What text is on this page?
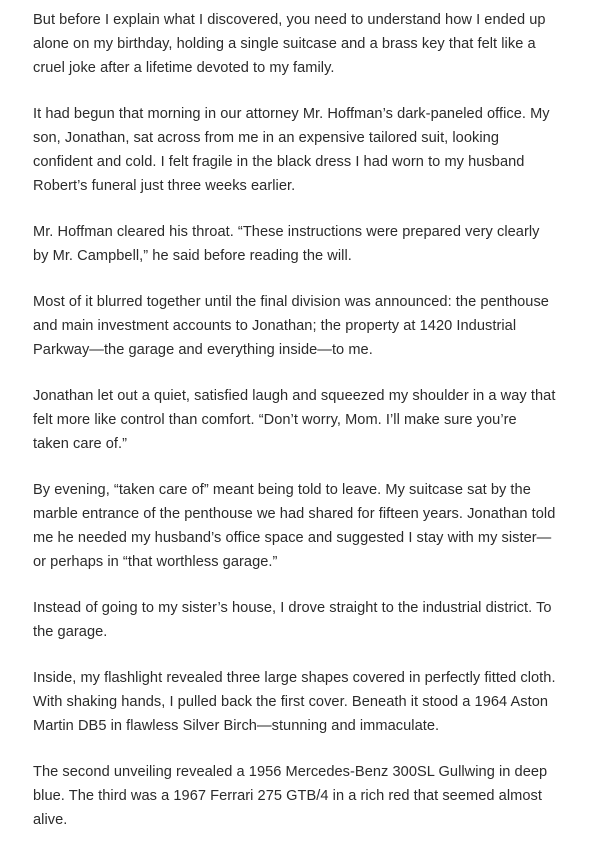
But before I explain what I discovered, you need to understand how I ended up
alone on my birthday, holding a single suitcase and a brass key that felt like a
cruel joke after a lifetime devoted to my family.

It had begun that morning in our attorney Mr. Hoffman’s dark-paneled office. My
son, Jonathan, sat across from me in an expensive tailored suit, looking
confident and cold. I felt fragile in the black dress I had worn to my husband
Robert’s funeral just three weeks earlier.

Mr. Hoffman cleared his throat. “These instructions were prepared very clearly
by Mr. Campbell,” he said before reading the will.

Most of it blurred together until the final division was announced: the penthouse
and main investment accounts to Jonathan; the property at 1420 Industrial
Parkway—the garage and everything inside—to me.

Jonathan let out a quiet, satisfied laugh and squeezed my shoulder in a way that
felt more like control than comfort. “Don’t worry, Mom. I’ll make sure you’re
taken care of.”

By evening, “taken care of” meant being told to leave. My suitcase sat by the
marble entrance of the penthouse we had shared for fifteen years. Jonathan told
me he needed my husband’s office space and suggested I stay with my sister—
or perhaps in “that worthless garage.”

Instead of going to my sister’s house, I drove straight to the industrial district. To
the garage.

Inside, my flashlight revealed three large shapes covered in perfectly fitted cloth.
With shaking hands, I pulled back the first cover. Beneath it stood a 1964 Aston
Martin DB5 in flawless Silver Birch—stunning and immaculate.

The second unveiling revealed a 1956 Mercedes-Benz 300SL Gullwing in deep
blue. The third was a 1967 Ferrari 275 GTB/4 in a rich red that seemed almost
alive.
